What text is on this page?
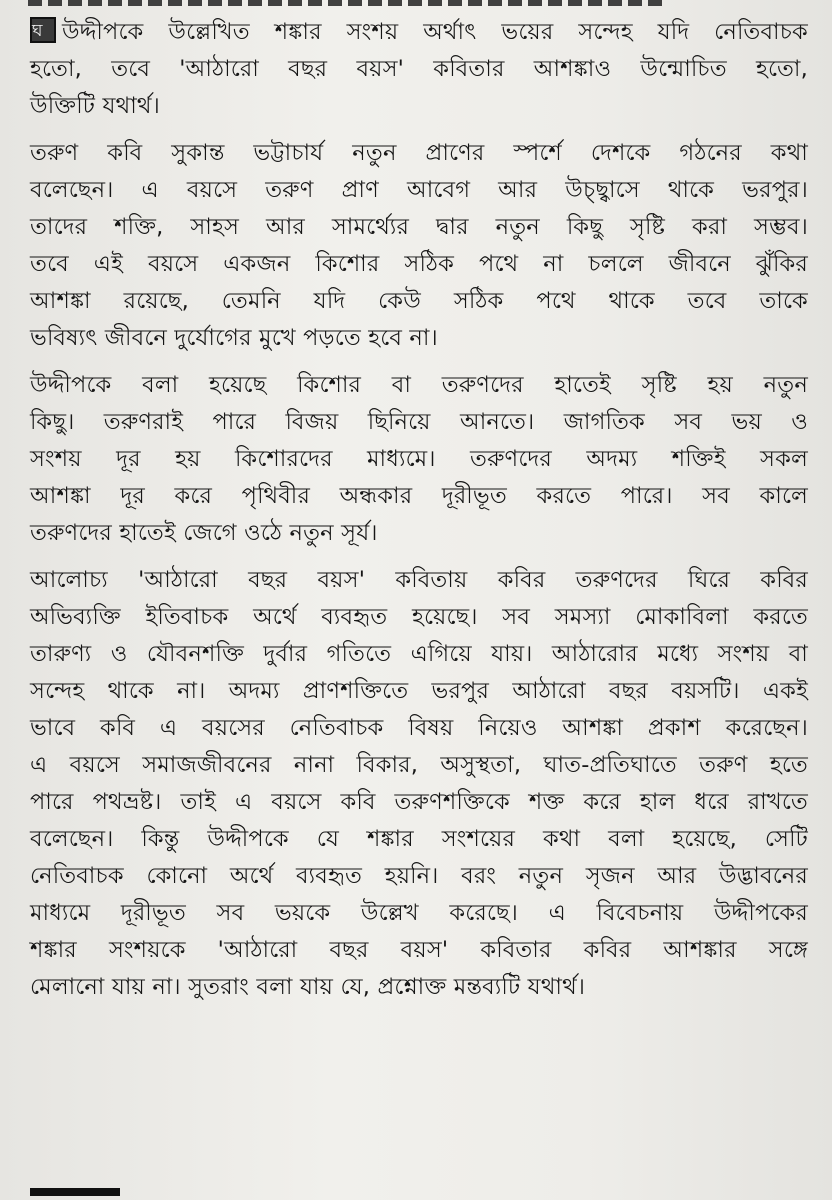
ঘ উদ্দীপকে উল্লেখিত শঙ্কার সংশয় অর্থাৎ ভয়ের সন্দেহ যদি নেতিবাচক
হতো, তবে 'আঠারো বছর বয়স' কবিতার আশঙ্কাও উন্মোচিত হতো,
উক্তিটি যথার্থ।
তরুণ কবি সুকান্ত ভট্টাচার্য নতুন প্রাণের স্পর্শে দেশকে গঠনের কথা
বলেছেন। এ বয়সে তরুণ প্রাণ আবেগ আর উচ্ছ্বাসে থাকে ভরপুর।
তাদের শক্তি, সাহস আর সামর্থ্যের দ্বার নতুন কিছু সৃষ্টি করা সম্ভব।
তবে এই বয়সে একজন কিশোর সঠিক পথে না চললে জীবনে ঝুঁকির
আশঙ্কা রয়েছে, তেমনি যদি কেউ সঠিক পথে থাকে তবে তাকে
ভবিষ্যৎ জীবনে দুর্যোগের মুখে পড়তে হবে না।
উদ্দীপকে বলা হয়েছে কিশোর বা তরুণদের হাতেই সৃষ্টি হয় নতুন
কিছু। তরুণরাই পারে বিজয় ছিনিয়ে আনতে। জাগতিক সব ভয় ও
সংশয় দূর হয় কিশোরদের মাধ্যমে। তরুণদের অদম্য শক্তিই সকল
আশঙ্কা দূর করে পৃথিবীর অন্ধকার দূরীভূত করতে পারে। সব কালে
তরুণদের হাতেই জেগে ওঠে নতুন সূর্য।
আলোচ্য 'আঠারো বছর বয়স' কবিতায় কবির তরুণদের ঘিরে কবির
অভিব্যক্তি ইতিবাচক অর্থে ব্যবহৃত হয়েছে। সব সমস্যা মোকাবিলা করতে
তারুণ্য ও যৌবনশক্তি দুর্বার গতিতে এগিয়ে যায়। আঠারোর মধ্যে সংশয় বা
সন্দেহ থাকে না। অদম্য প্রাণশক্তিতে ভরপুর আঠারো বছর বয়সটি। একই
ভাবে কবি এ বয়সের নেতিবাচক বিষয় নিয়েও আশঙ্কা প্রকাশ করেছেন।
এ বয়সে সমাজজীবনের নানা বিকার, অসুস্থতা, ঘাত-প্রতিঘাতে তরুণ হতে
পারে পথভ্রষ্ট। তাই এ বয়সে কবি তরুণশক্তিকে শক্ত করে হাল ধরে রাখতে
বলেছেন। কিন্তু উদ্দীপকে যে শঙ্কার সংশয়ের কথা বলা হয়েছে, সেটি
নেতিবাচক কোনো অর্থে ব্যবহৃত হয়নি। বরং নতুন সৃজন আর উদ্ভাবনের
মাধ্যমে দূরীভূত সব ভয়কে উল্লেখ করেছে। এ বিবেচনায় উদ্দীপকের
শঙ্কার সংশয়কে 'আঠারো বছর বয়স' কবিতার কবির আশঙ্কার সঙ্গে
মেলানো যায় না। সুতরাং বলা যায় যে, প্রশ্নোক্ত মন্তব্যটি যথার্থ।
